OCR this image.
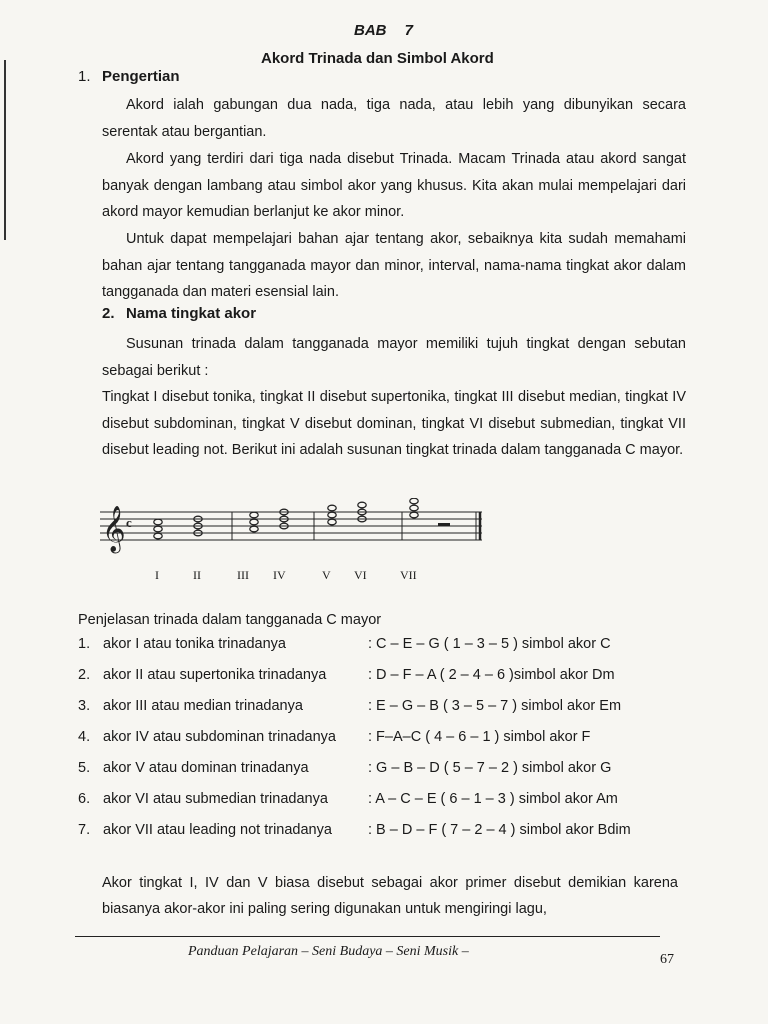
BAB 7
Akord Trinada dan Simbol Akord
1. Pengertian
Akord ialah gabungan dua nada, tiga nada, atau lebih yang dibunyikan secara serentak atau bergantian.
Akord yang terdiri dari tiga nada disebut Trinada. Macam Trinada atau akord sangat banyak dengan lambang atau simbol akor yang khusus. Kita akan mulai mempelajari dari akord mayor kemudian berlanjut ke akor minor.
Untuk dapat mempelajari bahan ajar tentang akor, sebaiknya kita sudah memahami bahan ajar tentang tangganada mayor dan minor, interval, nama-nama tingkat akor dalam tangganada dan materi esensial lain.
2. Nama tingkat akor
Susunan trinada dalam tangganada mayor memiliki tujuh tingkat dengan sebutan sebagai berikut :
Tingkat I disebut tonika, tingkat II disebut supertonika, tingkat III disebut median, tingkat IV disebut subdominan, tingkat V disebut dominan, tingkat VI disebut submedian, tingkat VII disebut leading not. Berikut ini adalah susunan tingkat trinada dalam tangganada C mayor.
𝄞 c
I	II	III IV	V VI	VII
Penjelasan trinada dalam tangganada C mayor
1. akor I atau tonika trinadanya	: C – E – G ( 1 – 3 – 5 ) simbol akor C
2. akor II atau supertonika trinadanya	: D – F – A ( 2 – 4 – 6 )simbol akor Dm
3. akor III atau median trinadanya	: E – G – B ( 3 – 5 – 7 ) simbol akor Em
4. akor IV atau subdominan trinadanya : F–A–C ( 4 – 6 – 1 ) simbol akor F
5. akor V atau dominan trinadanya	: G – B – D ( 5 – 7 – 2 ) simbol akor G
6. akor VI atau submedian trinadanya	: A – C – E ( 6 – 1 – 3 ) simbol akor Am
7. akor VII atau leading not trinadanya : B – D – F ( 7 – 2 – 4 ) simbol akor Bdim
Akor tingkat I, IV dan V biasa disebut sebagai akor primer disebut demikian karena biasanya akor-akor ini paling sering digunakan untuk mengiringi lagu,
Panduan Pelajaran – Seni Budaya – Seni Musik –
67
